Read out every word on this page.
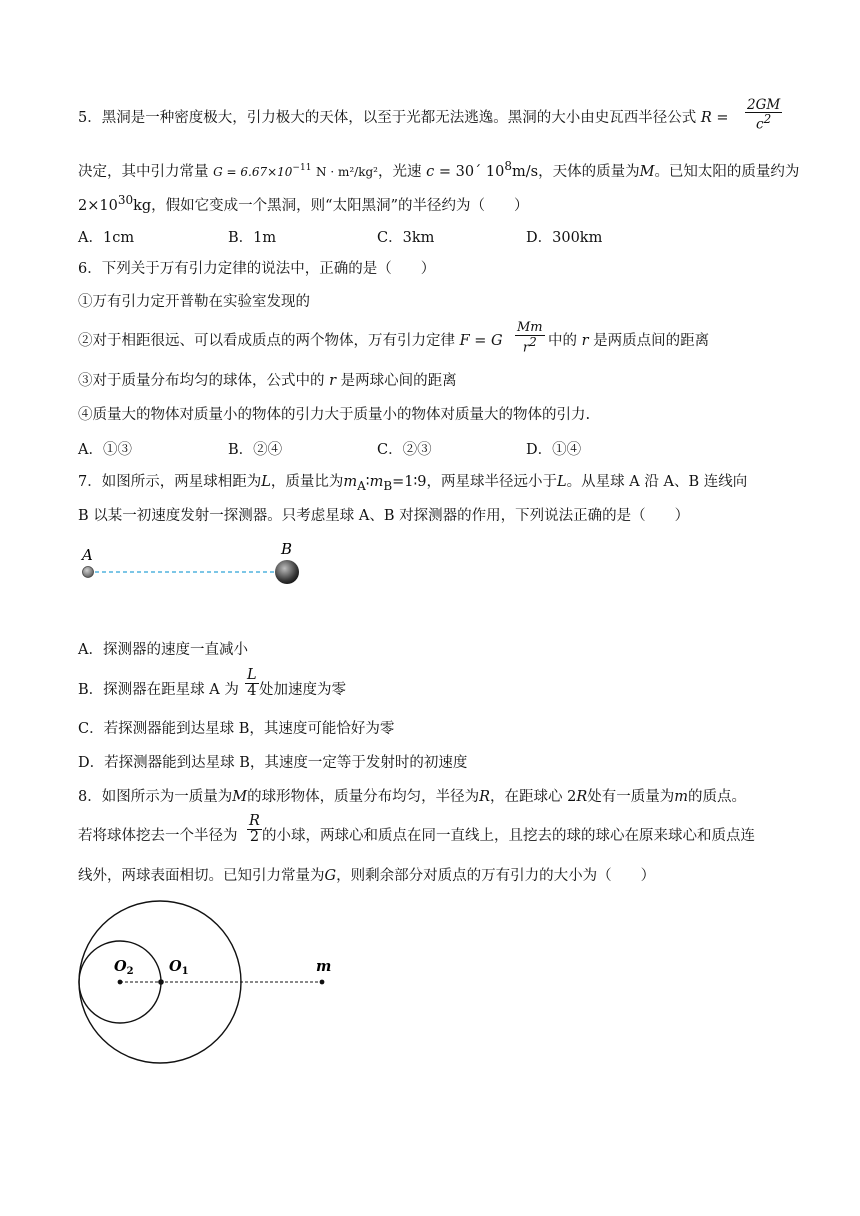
5．黑洞是一种密度极大，引力极大的天体，以至于光都无法逃逸。黑洞的大小由史瓦西半径公式 $R = \frac{2GM}{c^2}$
决定，其中引力常量 $G = 6.67\times 10^{-11}$ N · m²/kg²，光速 c = 30´ $10^8m/s$，天体的质量为M。已知太阳的质量约为
$2\times 10^{30}kg$，假如它变成一个黑洞，则“太阳黑洞”的半径约为（　　）
A．1cm	B．1m	C．3km	D．300km
6．下列关于万有引力定律的说法中，正确的是（　　）
①万有引力定开普勒在实验室发现的
②对于相距很远、可以看成质点的两个物体，万有引力定律 F = G $\frac{Mm}{r^2}$ 中的 r 是两质点间的距离
③对于质量分布均匀的球体，公式中的 r 是两球心间的距离
④质量大的物体对质量小的物体的引力大于质量小的物体对质量大的物体的引力.
A．①③	B．②④	C．②③	D．①④
7．如图所示，两星球相距为L，质量比为$m_A∶m_B=1∶9$，两星球半径远小于L。从星球 A 沿 A、B 连线向
B 以某一初速度发射一探测器。只考虑星球 A、B 对探测器的作用，下列说法正确的是（　　）
A	B
A．探测器的速度一直减小
B．探测器在距星球 A 为 $\frac{L}{4}$ 处加速度为零
C．若探测器能到达星球 B，其速度可能恰好为零
D．若探测器能到达星球 B，其速度一定等于发射时的初速度
8．如图所示为一质量为M的球形物体，质量分布均匀，半径为R，在距球心 2R处有一质量为m的质点。
若将球体挖去一个半径为 $\frac{R}{2}$ 的小球，两球心和质点在同一直线上，且挖去的球的球心在原来球心和质点连
线外，两球表面相切。已知引力常量为G，则剩余部分对质点的万有引力的大小为（　　）
$O_2$ $O_1$	m
